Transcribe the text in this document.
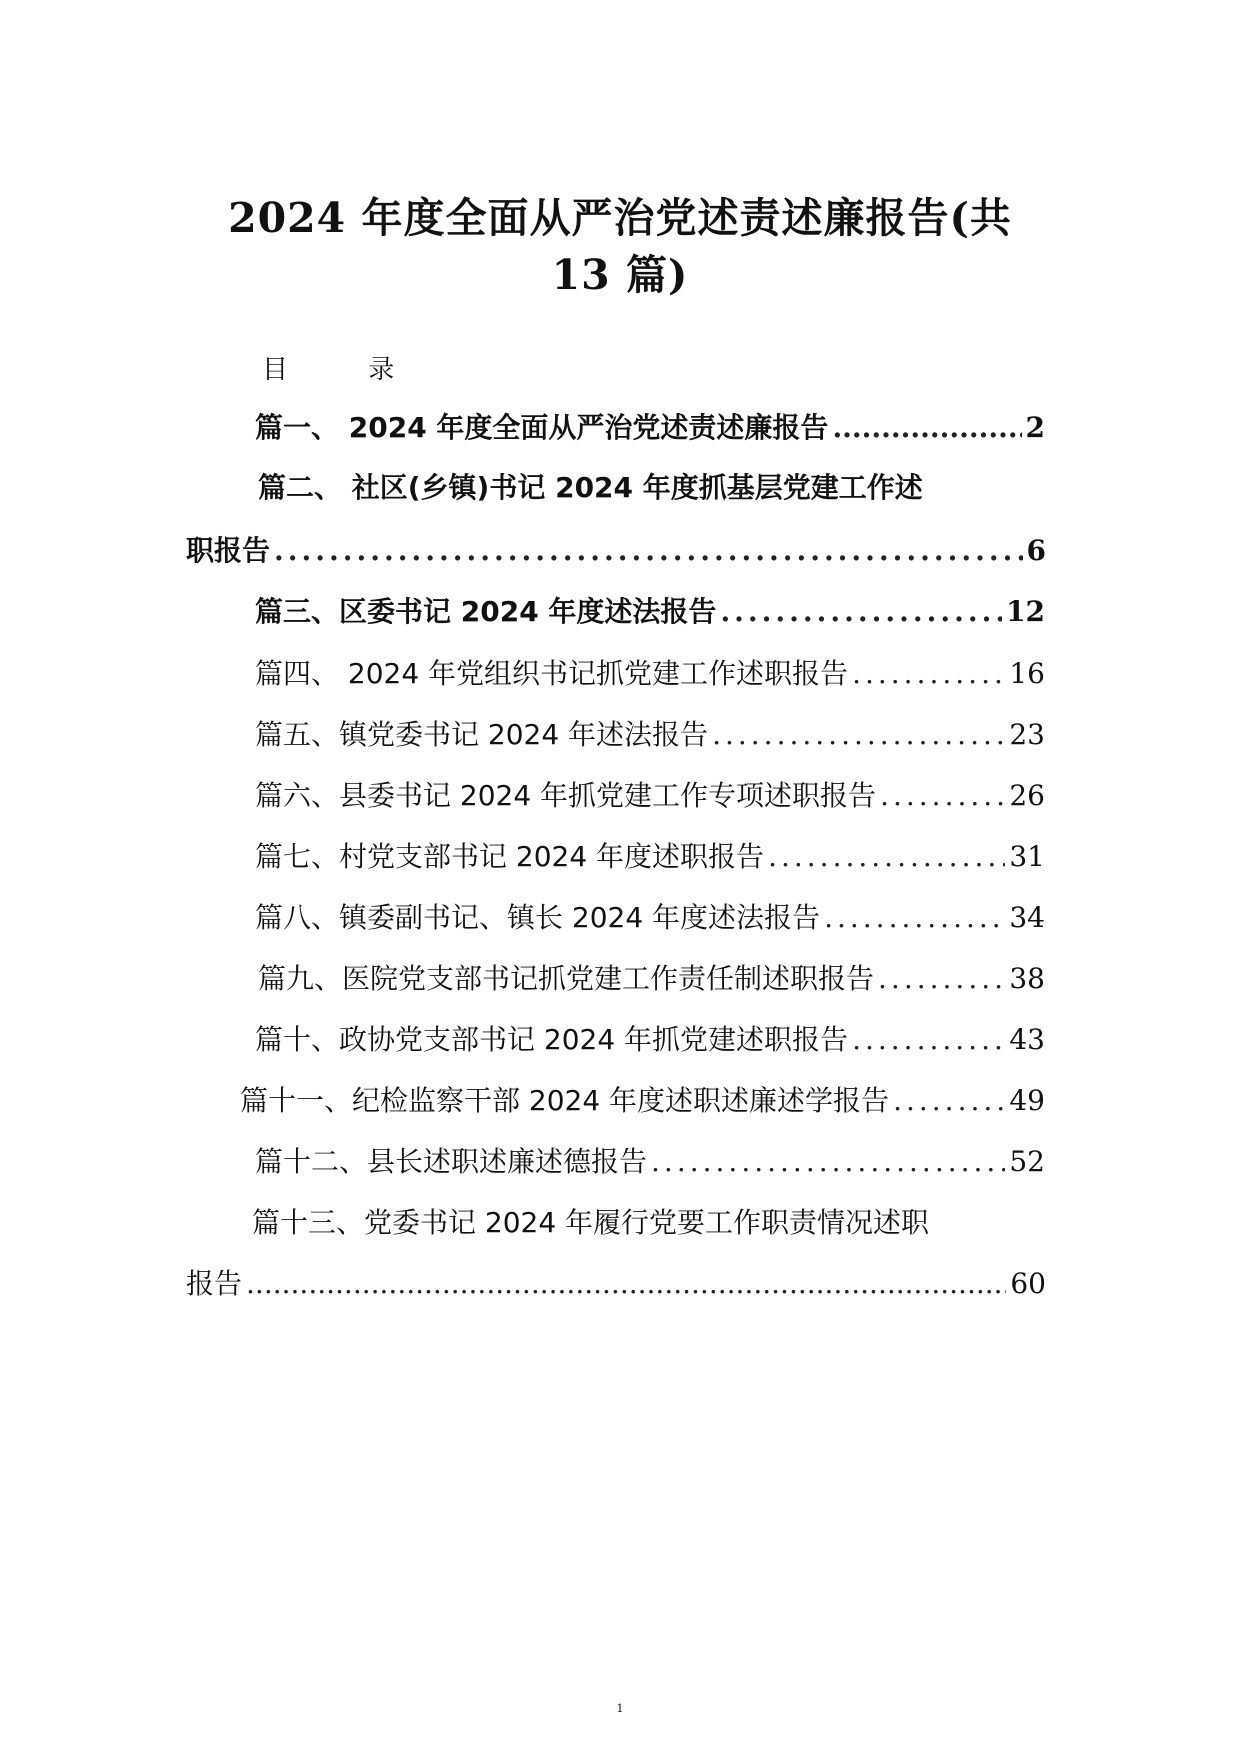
2024 年度全面从严治党述责述廉报告(共
13 篇)
目 录
篇一、 2024 年度全面从严治党述责述廉报告 .....	2
篇二、 社区(乡镇)书记 2024 年度抓基层党建工作述
职报告 .....	6
篇三、区委书记 2024 年度述法报告 .....	12
篇四、 2024 年党组织书记抓党建工作述职报告 .....	16
篇五、镇党委书记 2024 年述法报告 .....	23
篇六、县委书记 2024 年抓党建工作专项述职报告 .....	26
篇七、村党支部书记 2024 年度述职报告 .....	31
篇八、镇委副书记、镇长 2024 年度述法报告 .....	34
篇九、医院党支部书记抓党建工作责任制述职报告 .....	38
篇十、政协党支部书记 2024 年抓党建述职报告 .....	43
篇十一、纪检监察干部 2024 年度述职述廉述学报告 .....	49
篇十二、县长述职述廉述德报告 .....	52
篇十三、党委书记 2024 年履行党要工作职责情况述职
报告 .....	60
1
